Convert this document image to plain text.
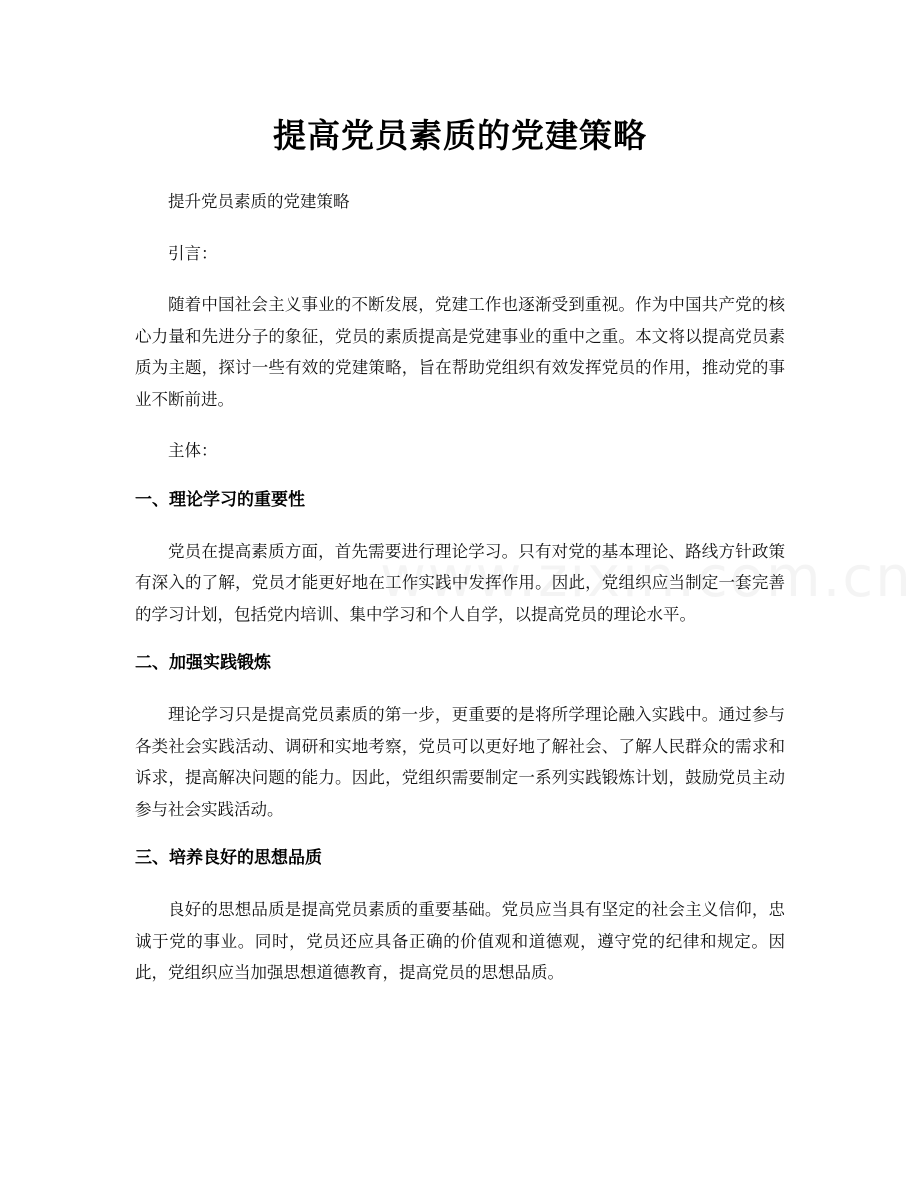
提高党员素质的党建策略

提升党员素质的党建策略

引言：

随着中国社会主义事业的不断发展，党建工作也逐渐受到重视。作为中国共产党的核心力量和先进分子的象征，党员的素质提高是党建事业的重中之重。本文将以提高党员素质为主题，探讨一些有效的党建策略，旨在帮助党组织有效发挥党员的作用，推动党的事业不断前进。

主体：

一、理论学习的重要性

党员在提高素质方面，首先需要进行理论学习。只有对党的基本理论、路线方针政策有深入的了解，党员才能更好地在工作实践中发挥作用。因此，党组织应当制定一套完善的学习计划，包括党内培训、集中学习和个人自学，以提高党员的理论水平。

二、加强实践锻炼

理论学习只是提高党员素质的第一步，更重要的是将所学理论融入实践中。通过参与各类社会实践活动、调研和实地考察，党员可以更好地了解社会、了解人民群众的需求和诉求，提高解决问题的能力。因此，党组织需要制定一系列实践锻炼计划，鼓励党员主动参与社会实践活动。

三、培养良好的思想品质

良好的思想品质是提高党员素质的重要基础。党员应当具有坚定的社会主义信仰，忠诚于党的事业。同时，党员还应具备正确的价值观和道德观，遵守党的纪律和规定。因此，党组织应当加强思想道德教育，提高党员的思想品质。
